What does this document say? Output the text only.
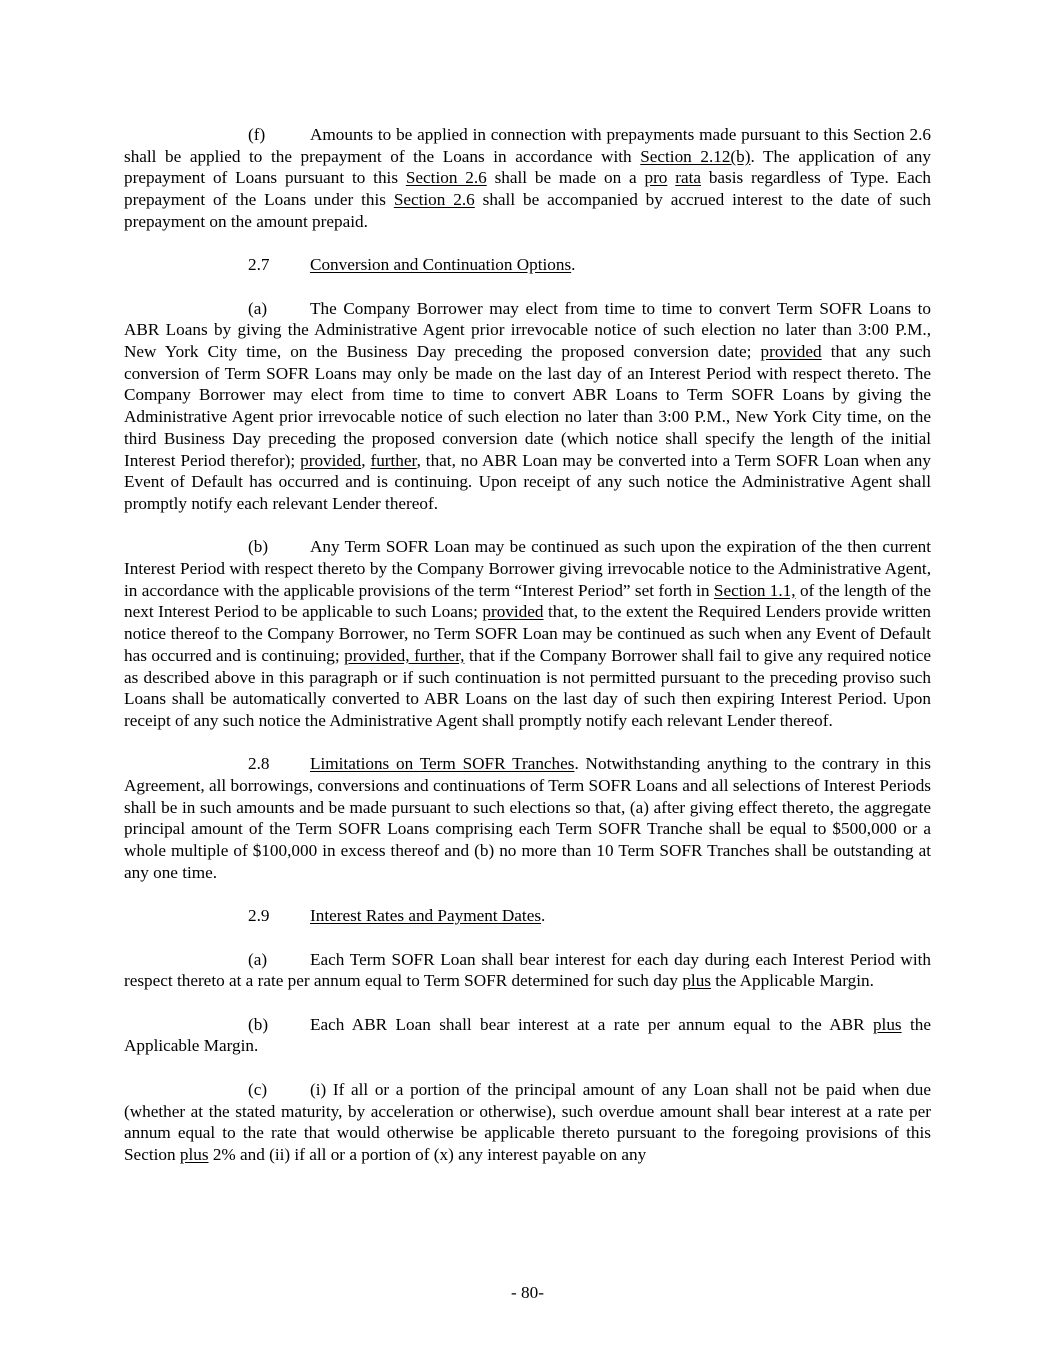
(f)	Amounts to be applied in connection with prepayments made pursuant to this Section 2.6 shall be applied to the prepayment of the Loans in accordance with Section 2.12(b). The application of any prepayment of Loans pursuant to this Section 2.6 shall be made on a pro rata basis regardless of Type. Each prepayment of the Loans under this Section 2.6 shall be accompanied by accrued interest to the date of such prepayment on the amount prepaid.

2.7 Conversion and Continuation Options.

(a) The Company Borrower may elect from time to time to convert Term SOFR Loans to ABR Loans by giving the Administrative Agent prior irrevocable notice of such election no later than 3:00 P.M., New York City time, on the Business Day preceding the proposed conversion date; provided that any such conversion of Term SOFR Loans may only be made on the last day of an Interest Period with respect thereto. The Company Borrower may elect from time to time to convert ABR Loans to Term SOFR Loans by giving the Administrative Agent prior irrevocable notice of such election no later than 3:00 P.M., New York City time, on the third Business Day preceding the proposed conversion date (which notice shall specify the length of the initial Interest Period therefor); provided, further, that, no ABR Loan may be converted into a Term SOFR Loan when any Event of Default has occurred and is continuing. Upon receipt of any such notice the Administrative Agent shall promptly notify each relevant Lender thereof.

(b) Any Term SOFR Loan may be continued as such upon the expiration of the then current Interest Period with respect thereto by the Company Borrower giving irrevocable notice to the Administrative Agent, in accordance with the applicable provisions of the term “Interest Period” set forth in Section 1.1, of the length of the next Interest Period to be applicable to such Loans; provided that, to the extent the Required Lenders provide written notice thereof to the Company Borrower, no Term SOFR Loan may be continued as such when any Event of Default has occurred and is continuing; provided, further, that if the Company Borrower shall fail to give any required notice as described above in this paragraph or if such continuation is not permitted pursuant to the preceding proviso such Loans shall be automatically converted to ABR Loans on the last day of such then expiring Interest Period. Upon receipt of any such notice the Administrative Agent shall promptly notify each relevant Lender thereof.

2.8 Limitations on Term SOFR Tranches. Notwithstanding anything to the contrary in this Agreement, all borrowings, conversions and continuations of Term SOFR Loans and all selections of Interest Periods shall be in such amounts and be made pursuant to such elections so that, (a) after giving effect thereto, the aggregate principal amount of the Term SOFR Loans comprising each Term SOFR Tranche shall be equal to $500,000 or a whole multiple of $100,000 in excess thereof and (b) no more than 10 Term SOFR Tranches shall be outstanding at any one time.

2.9 Interest Rates and Payment Dates.

(a) Each Term SOFR Loan shall bear interest for each day during each Interest Period with respect thereto at a rate per annum equal to Term SOFR determined for such day plus the Applicable Margin.

(b) Each ABR Loan shall bear interest at a rate per annum equal to the ABR plus the Applicable Margin.

(c) (i) If all or a portion of the principal amount of any Loan shall not be paid when due (whether at the stated maturity, by acceleration or otherwise), such overdue amount shall bear interest at a rate per annum equal to the rate that would otherwise be applicable thereto pursuant to the foregoing provisions of this Section plus 2% and (ii) if all or a portion of (x) any interest payable on any

- 80-
